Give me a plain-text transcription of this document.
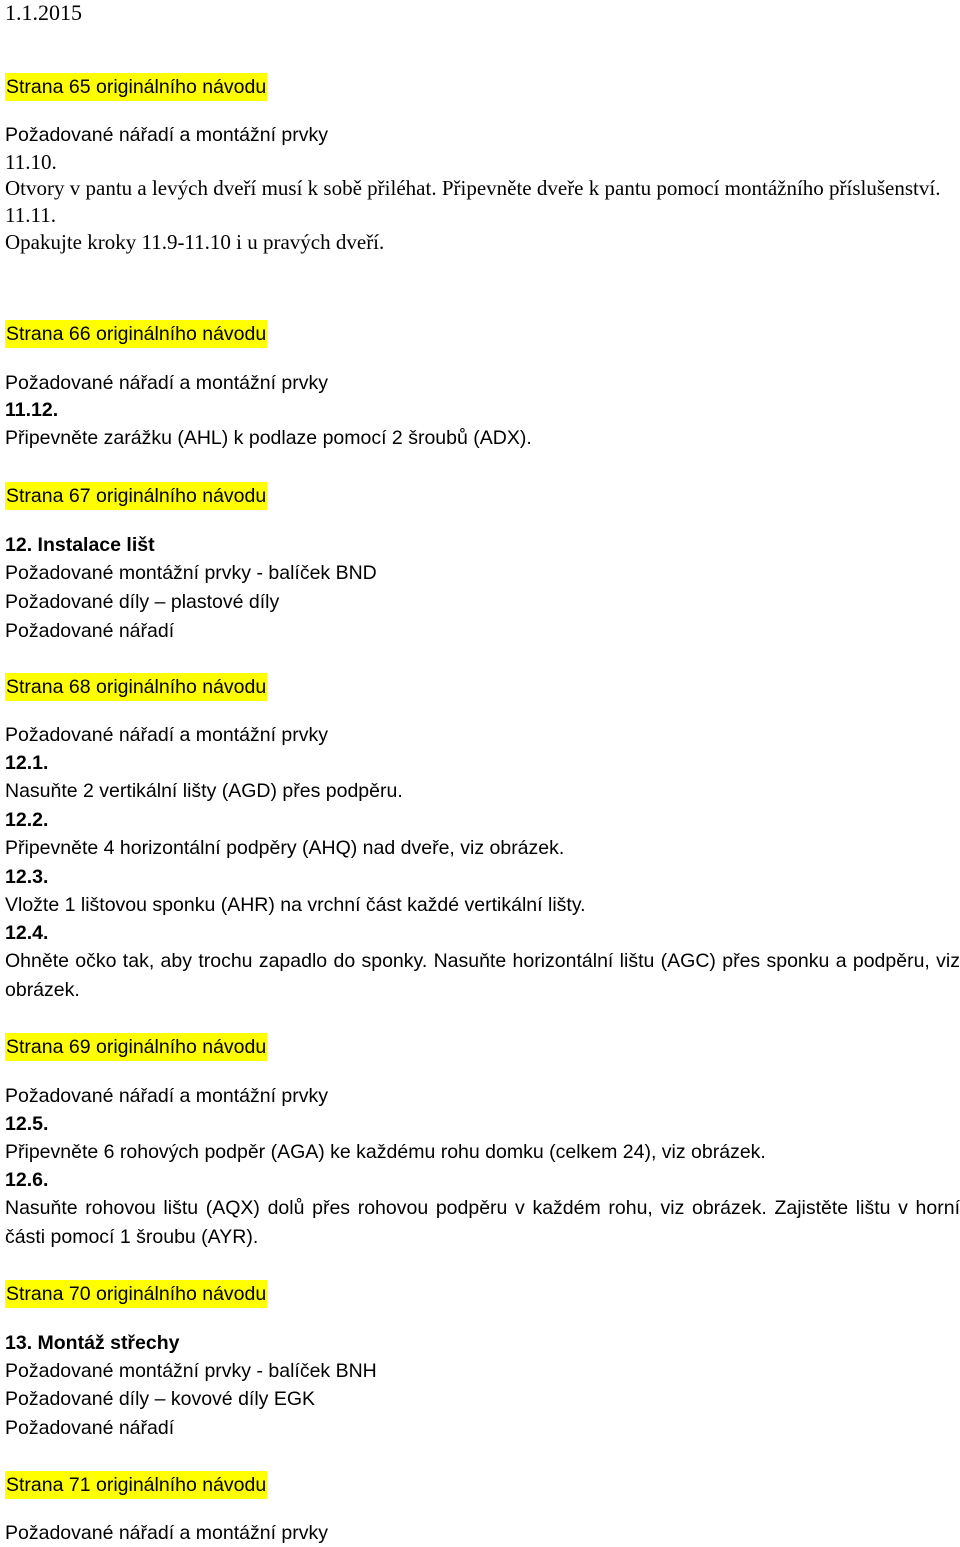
1.1.2015

Strana 65 originálního návodu

Požadované nářadí a montážní prvky

11.10.

Otvory v pantu a levých dveří musí k sobě přiléhat. Připevněte dveře k pantu pomocí montážního příslušenství.

11.11.

Opakujte kroky 11.9-11.10 i u pravých dveří.

Strana 66 originálního návodu

Požadované nářadí a montážní prvky

11.12.

Připevněte zarážku (AHL) k podlaze pomocí 2 šroubů (ADX).

Strana 67 originálního návodu

12. Instalace lišt

Požadované montážní prvky - balíček BND

Požadované díly – plastové díly

Požadované nářadí

Strana 68 originálního návodu

Požadované nářadí a montážní prvky

12.1.

Nasuňte 2 vertikální lišty (AGD) přes podpěru.

12.2.

Připevněte 4 horizontální podpěry (AHQ) nad dveře, viz obrázek.

12.3.

Vložte 1 lištovou sponku (AHR) na vrchní část každé vertikální lišty.

12.4.

Ohněte očko tak, aby trochu zapadlo do sponky. Nasuňte horizontální lištu (AGC) přes sponku a podpěru, viz obrázek.

Strana 69 originálního návodu

Požadované nářadí a montážní prvky

12.5.

Připevněte 6 rohových podpěr (AGA) ke každému rohu domku (celkem 24), viz obrázek.

12.6.

Nasuňte rohovou lištu (AQX) dolů přes rohovou podpěru v každém rohu, viz obrázek. Zajistěte lištu v horní části pomocí 1 šroubu (AYR).

Strana 70 originálního návodu

13. Montáž střechy

Požadované montážní prvky - balíček BNH

Požadované díly – kovové díly EGK

Požadované nářadí

Strana 71 originálního návodu

Požadované nářadí a montážní prvky
